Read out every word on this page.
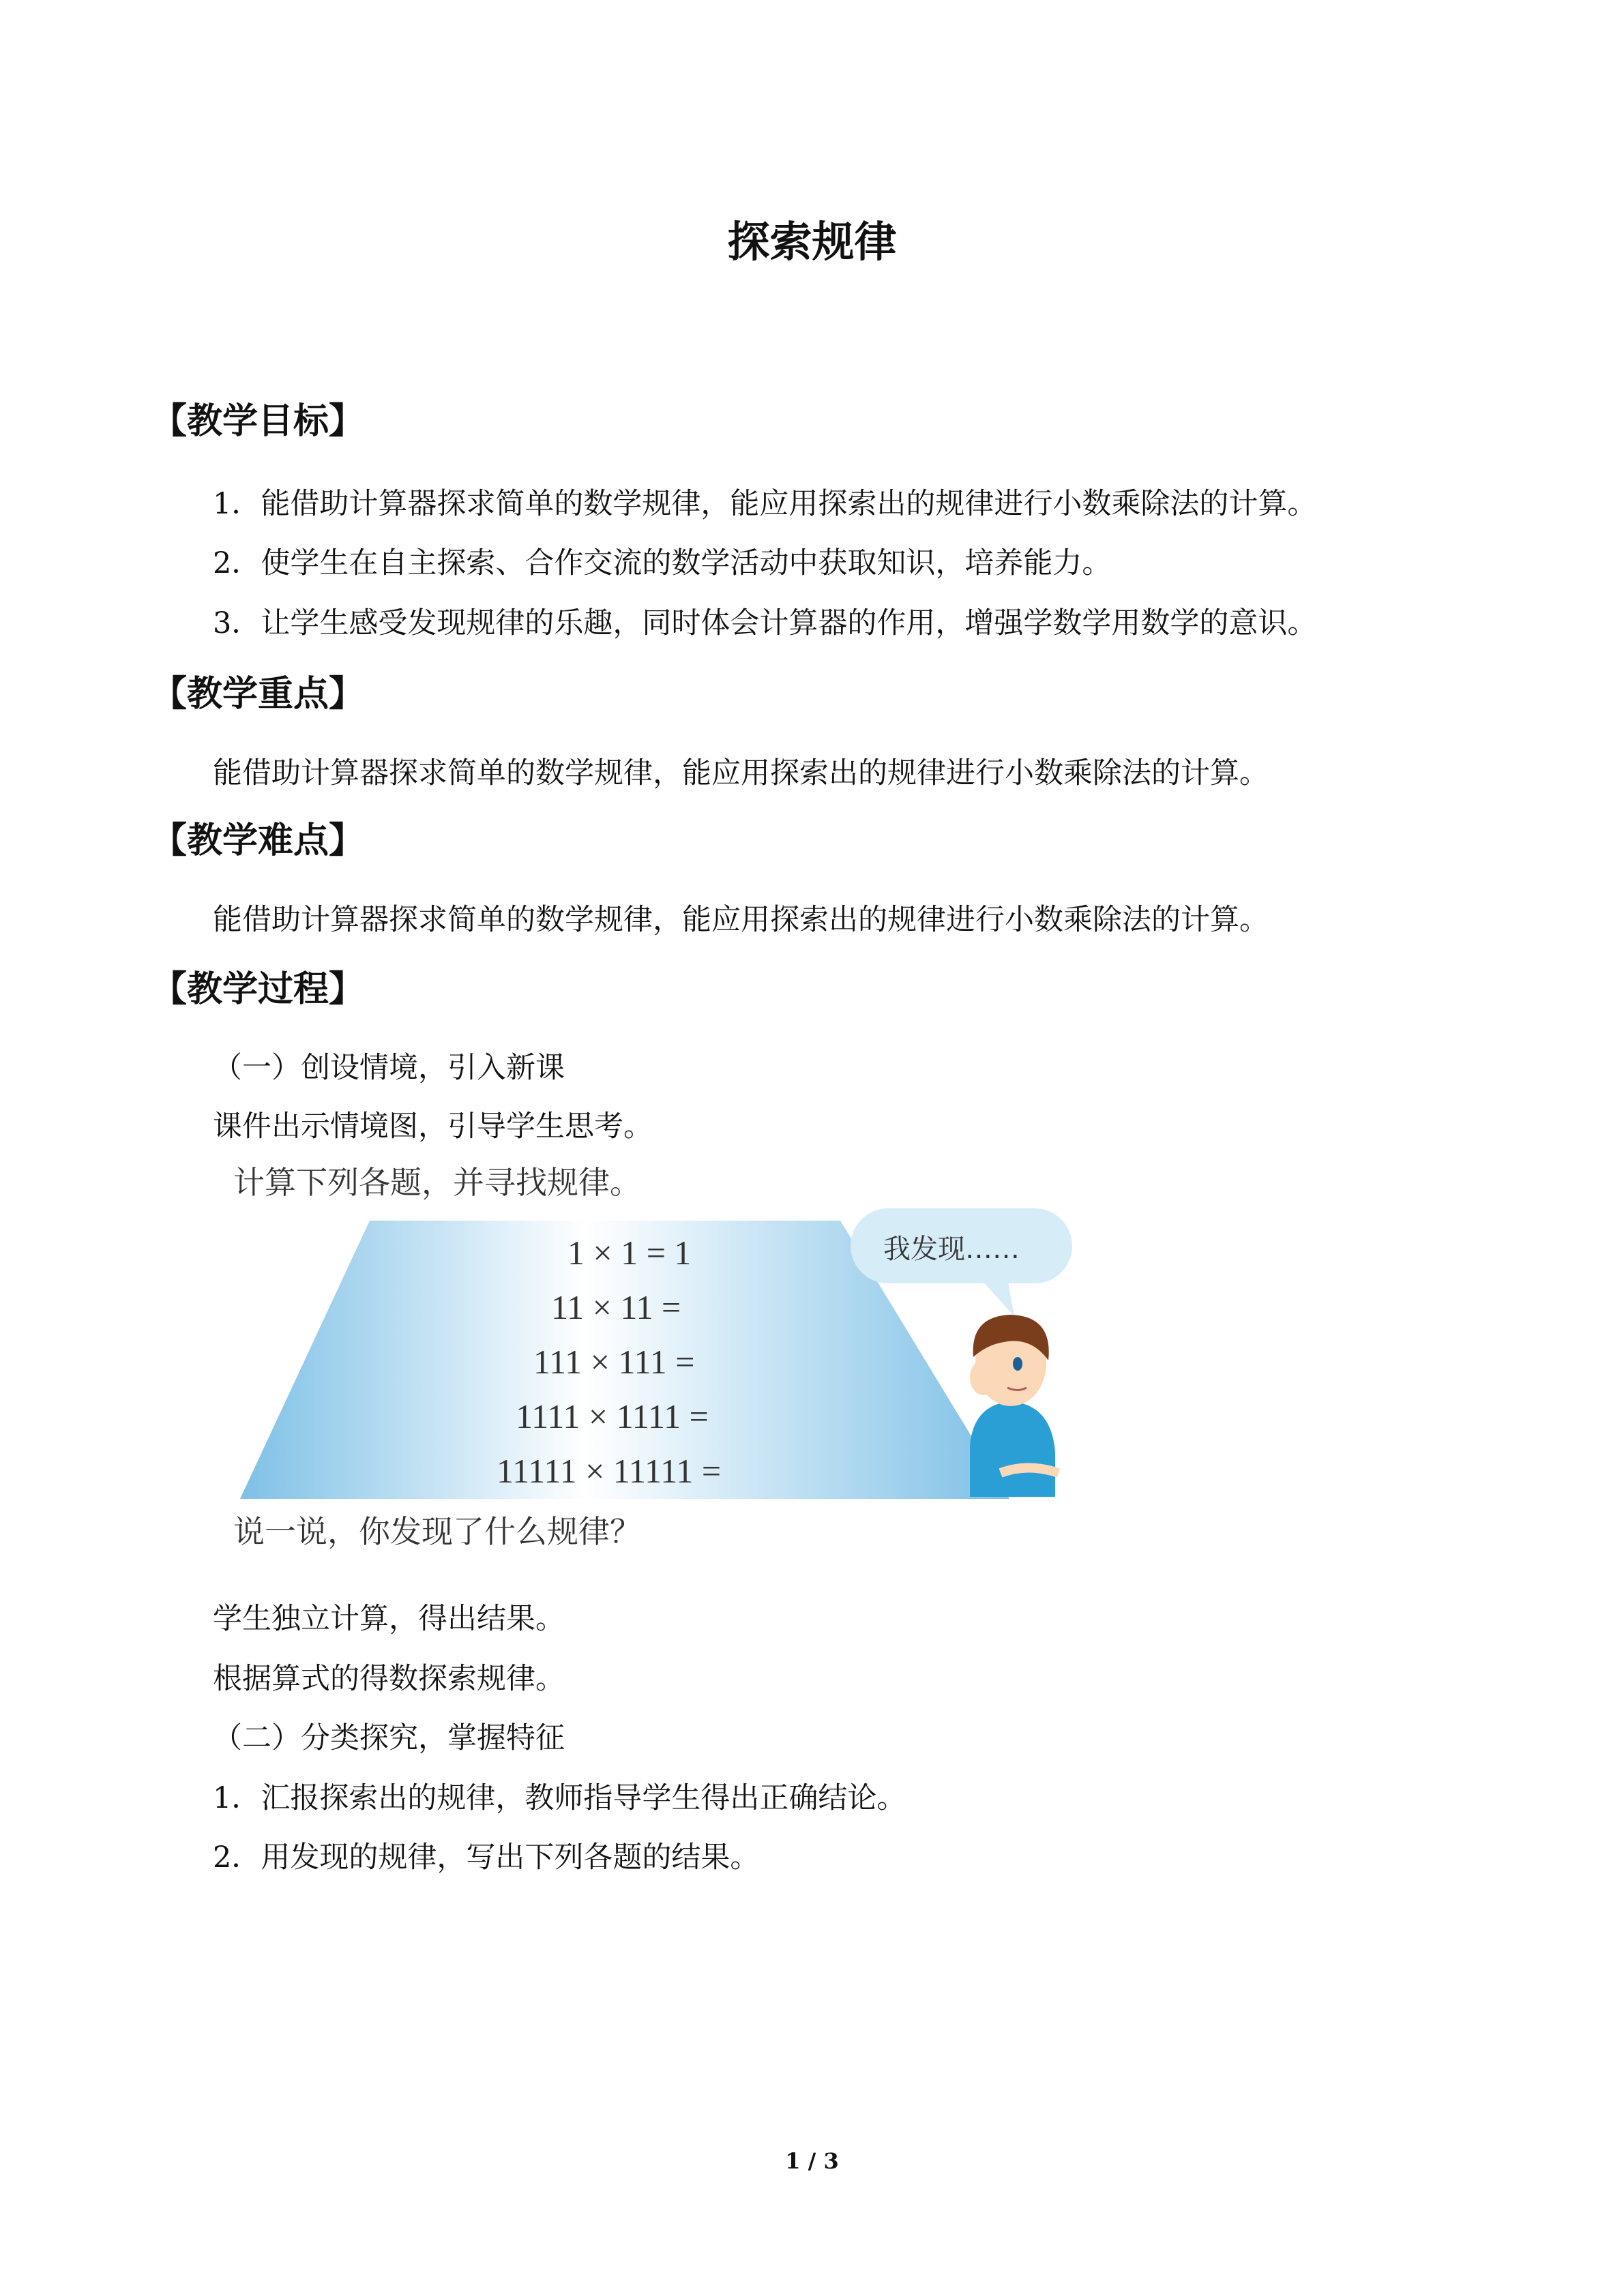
探索规律
【教学目标】
1．能借助计算器探求简单的数学规律，能应用探索出的规律进行小数乘除法的计算。
2．使学生在自主探索、合作交流的数学活动中获取知识，培养能力。
3．让学生感受发现规律的乐趣，同时体会计算器的作用，增强学数学用数学的意识。
【教学重点】
能借助计算器探求简单的数学规律，能应用探索出的规律进行小数乘除法的计算。
【教学难点】
能借助计算器探求简单的数学规律，能应用探索出的规律进行小数乘除法的计算。
【教学过程】
（一）创设情境，引入新课
课件出示情境图，引导学生思考。
计算下列各题，并寻找规律。
1 × 1 = 1
11 × 11 =
111 × 111 =
1111 × 1111 =
11111 × 11111 =
我发现……
说一说，你发现了什么规律？
学生独立计算，得出结果。
根据算式的得数探索规律。
（二）分类探究，掌握特征
1．汇报探索出的规律，教师指导学生得出正确结论。
2．用发现的规律，写出下列各题的结果。
1 / 3
